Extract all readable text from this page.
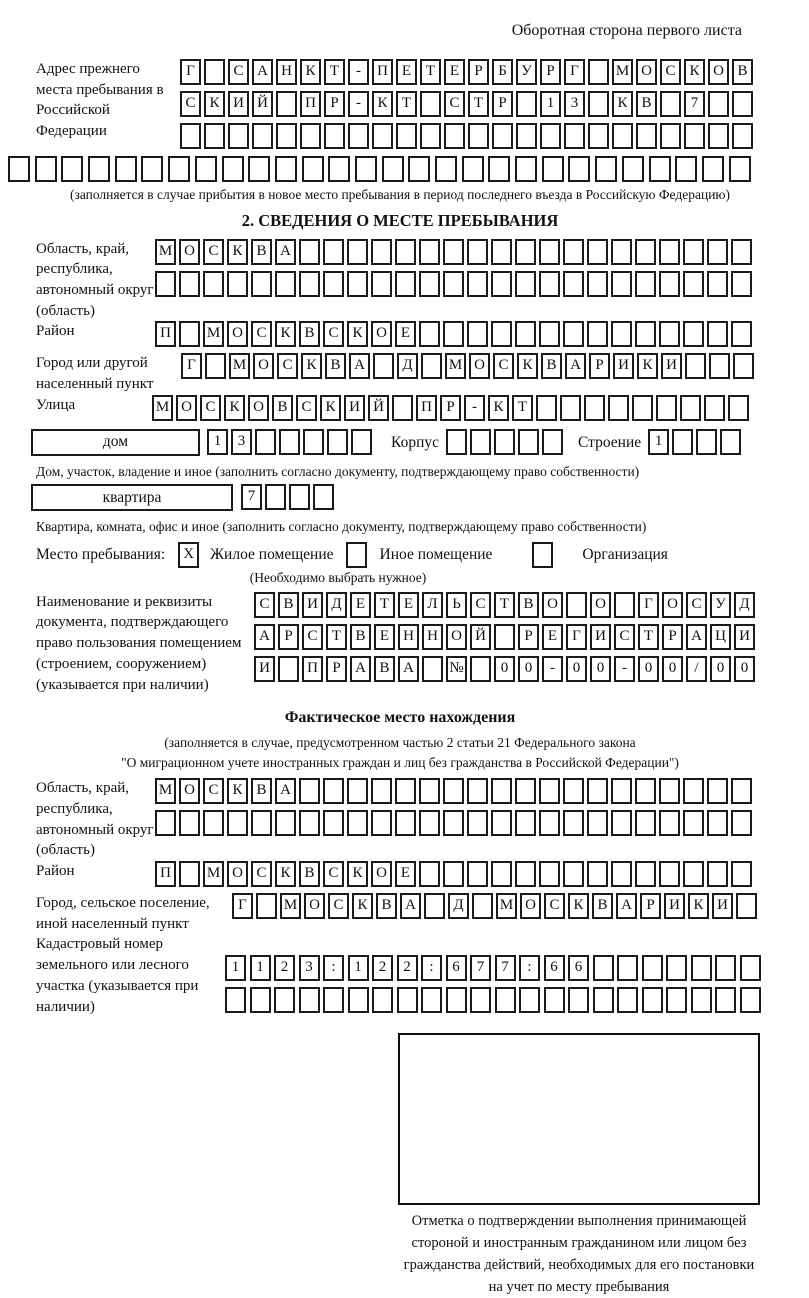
Оборотная сторона первого листа
Адрес прежнего места пребывания в Российской Федерации
Г	С А Н К Т - П Е Т Е Р Б У Р Г М О С К О В
С К И Й П Р - К Т	С Т Р	1 3	К В	7
(заполняется в случае прибытия в новое место пребывания в период последнего въезда в Российскую Федерацию)
2. СВЕДЕНИЯ О МЕСТЕ ПРЕБЫВАНИЯ
Область, край, республика, автономный округ (область)
М О С К В А
Район	П М О С К В С К О Е
Город или другой населенный пункт
Г М О С К В А Д М О С К В А Р И К И
Улица	М О С К О В С К И Й П Р - К Т
дом	1 3	Корпус	Строение 1
Дом, участок, владение и иное (заполнить согласно документу, подтверждающему право собственности)
квартира	7
Квартира, комната, офис и иное (заполнить согласно документу, подтверждающему право собственности)
Место пребывания:	X	Жилое помещение	Иное помещение	Организация
(Необходимо выбрать нужное)
Наименование и реквизиты документа, подтверждающего право пользования помещением (строением, сооружением) (указывается при наличии)
С В И Д Е Т Е Л Ь С Т В О О	Г О С У Д
А Р С Т В Е Н Н О Й	Р Е Г И С Т Р А Ц И
И П Р А В А № 0 0 - 0 0 - 0 0 / 0 0
Фактическое место нахождения
(заполняется в случае, предусмотренном частью 2 статьи 21 Федерального закона
"О миграционном учете иностранных граждан и лиц без гражданства в Российской Федерации")
Область, край, республика, автономный округ (область)
М О С К В А
Район	П М О С К В С К О Е
Город, сельское поселение, иной населенный пункт
Г М О С К В А Д М О С К В А Р И К И
Кадастровый номер земельного или лесного участка (указывается при наличии)
1 1 2 3 : 1 2 2 : 6 7 7 : 6 6
Отметка о подтверждении выполнения принимающей
стороной и иностранным гражданином или лицом без
гражданства действий, необходимых для его постановки
на учет по месту пребывания
